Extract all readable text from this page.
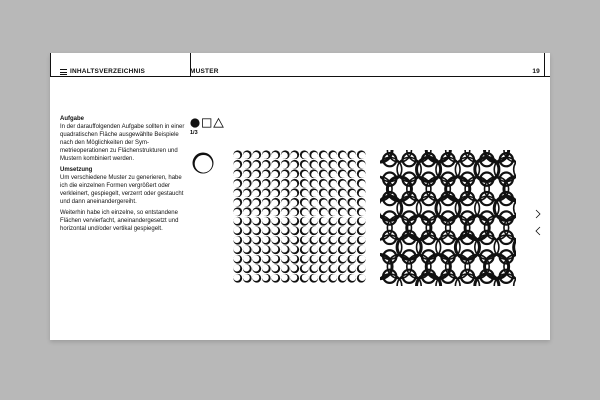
INHALTSVERZEICHNIS	MUSTER	19
Aufgabe
In der darauffolgenden Aufgabe sollten in einer quadratischen Fläche ausgewählte Beispiele nach den Möglichkeiten der Sym-metrieoperationen zu Flächenstrukturen und Mustern kombiniert werden.
Umsetzung
Um verschiedene Muster zu generieren, habe ich die einzelnen Formen vergrößert oder verkleinert, gespiegelt, verzerrt oder gestaucht und dann aneinandergereiht.
Weiterhin habe ich einzelne, so entstandene Flächen vervierfacht, aneinandergesetzt und horizontal und/oder vertikal gespiegelt.
1/3
